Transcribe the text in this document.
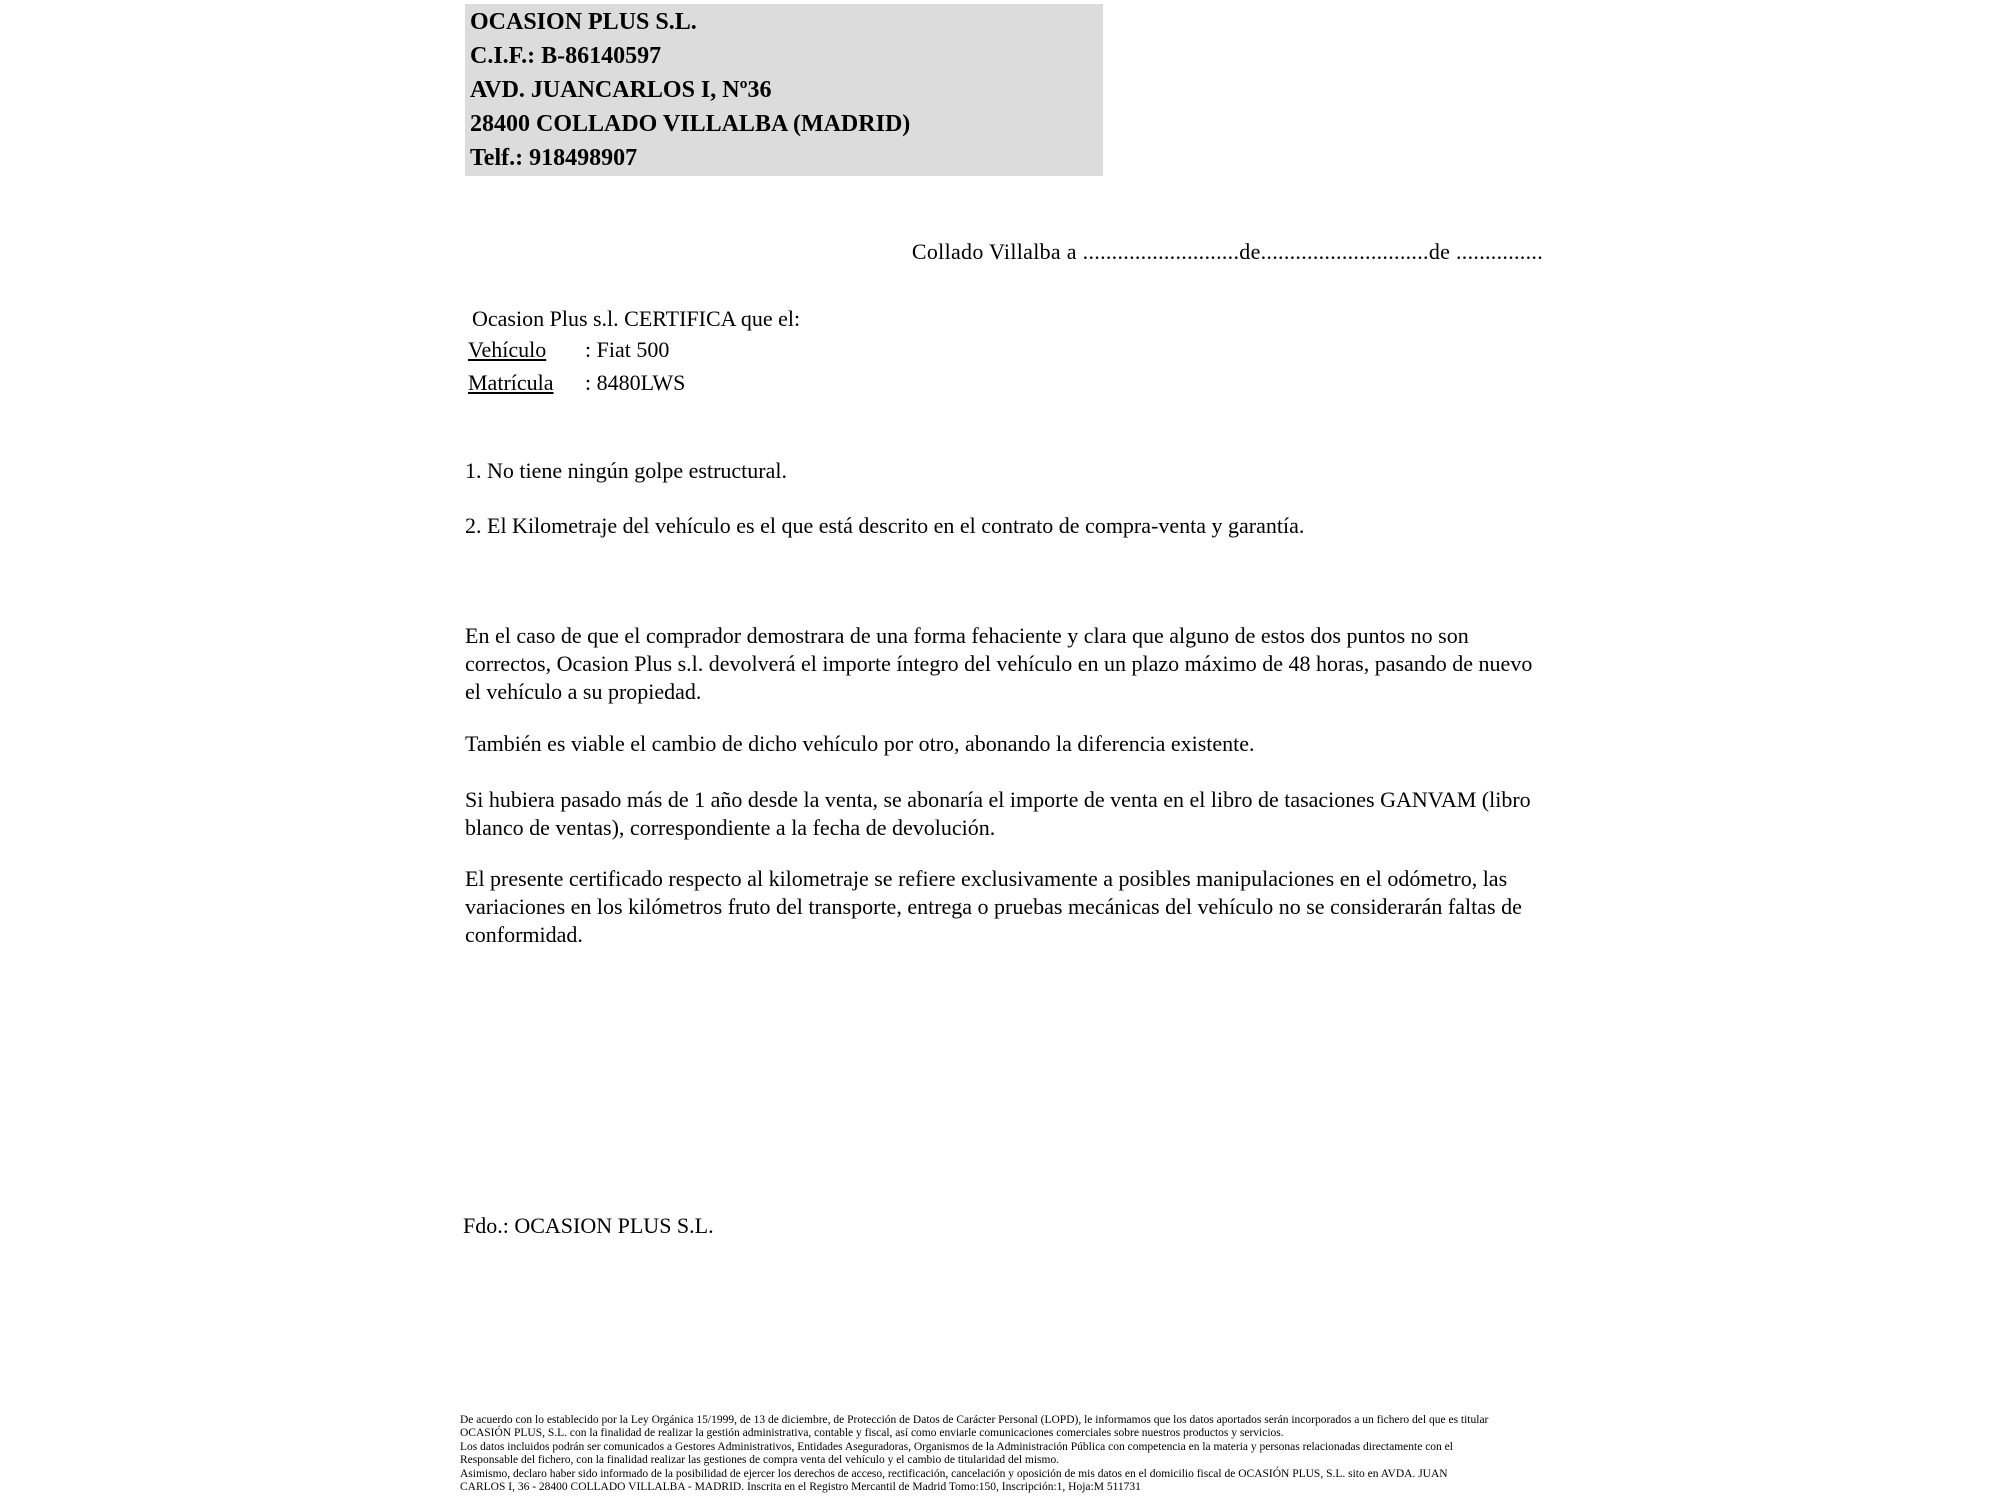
OCASION PLUS S.L.
C.I.F.: B-86140597
AVD. JUANCARLOS I, Nº36
28400 COLLADO VILLALBA (MADRID)
Telf.: 918498907
Collado Villalba a ...........................de.............................de ...............
Ocasion Plus s.l. CERTIFICA que el:
Vehículo : Fiat 500
Matrícula : 8480LWS
1. No tiene ningún golpe estructural.
2. El Kilometraje del vehículo es el que está descrito en el contrato de compra-venta y garantía.
En el caso de que el comprador demostrara de una forma fehaciente y clara que alguno de estos dos puntos no son correctos, Ocasion Plus s.l. devolverá el importe íntegro del vehículo en un plazo máximo de 48 horas, pasando de nuevo el vehículo a su propiedad.
También es viable el cambio de dicho vehículo por otro, abonando la diferencia existente.
Si hubiera pasado más de 1 año desde la venta, se abonaría el importe de venta en el libro de tasaciones GANVAM (libro blanco de ventas), correspondiente a la fecha de devolución.
El presente certificado respecto al kilometraje se refiere exclusivamente a posibles manipulaciones en el odómetro, las variaciones en los kilómetros fruto del transporte, entrega o pruebas mecánicas del vehículo no se considerarán faltas de conformidad.
Fdo.: OCASION PLUS S.L.
De acuerdo con lo establecido por la Ley Orgánica 15/1999, de 13 de diciembre, de Protección de Datos de Carácter Personal (LOPD), le informamos que los datos aportados serán incorporados a un fichero del que es titular
OCASIÓN PLUS, S.L. con la finalidad de realizar la gestión administrativa, contable y fiscal, así como enviarle comunicaciones comerciales sobre nuestros productos y servicios.
Los datos incluidos podrán ser comunicados a Gestores Administrativos, Entidades Aseguradoras, Organismos de la Administración Pública con competencia en la materia y personas relacionadas directamente con el
Responsable del fichero, con la finalidad realizar las gestiones de compra venta del vehículo y el cambio de titularidad del mismo.
Asimismo, declaro haber sido informado de la posibilidad de ejercer los derechos de acceso, rectificación, cancelación y oposición de mis datos en el domicilio fiscal de OCASIÓN PLUS, S.L. sito en AVDA. JUAN
CARLOS I, 36 - 28400 COLLADO VILLALBA - MADRID. Inscrita en el Registro Mercantil de Madrid Tomo:150, Inscripción:1, Hoja:M 511731
